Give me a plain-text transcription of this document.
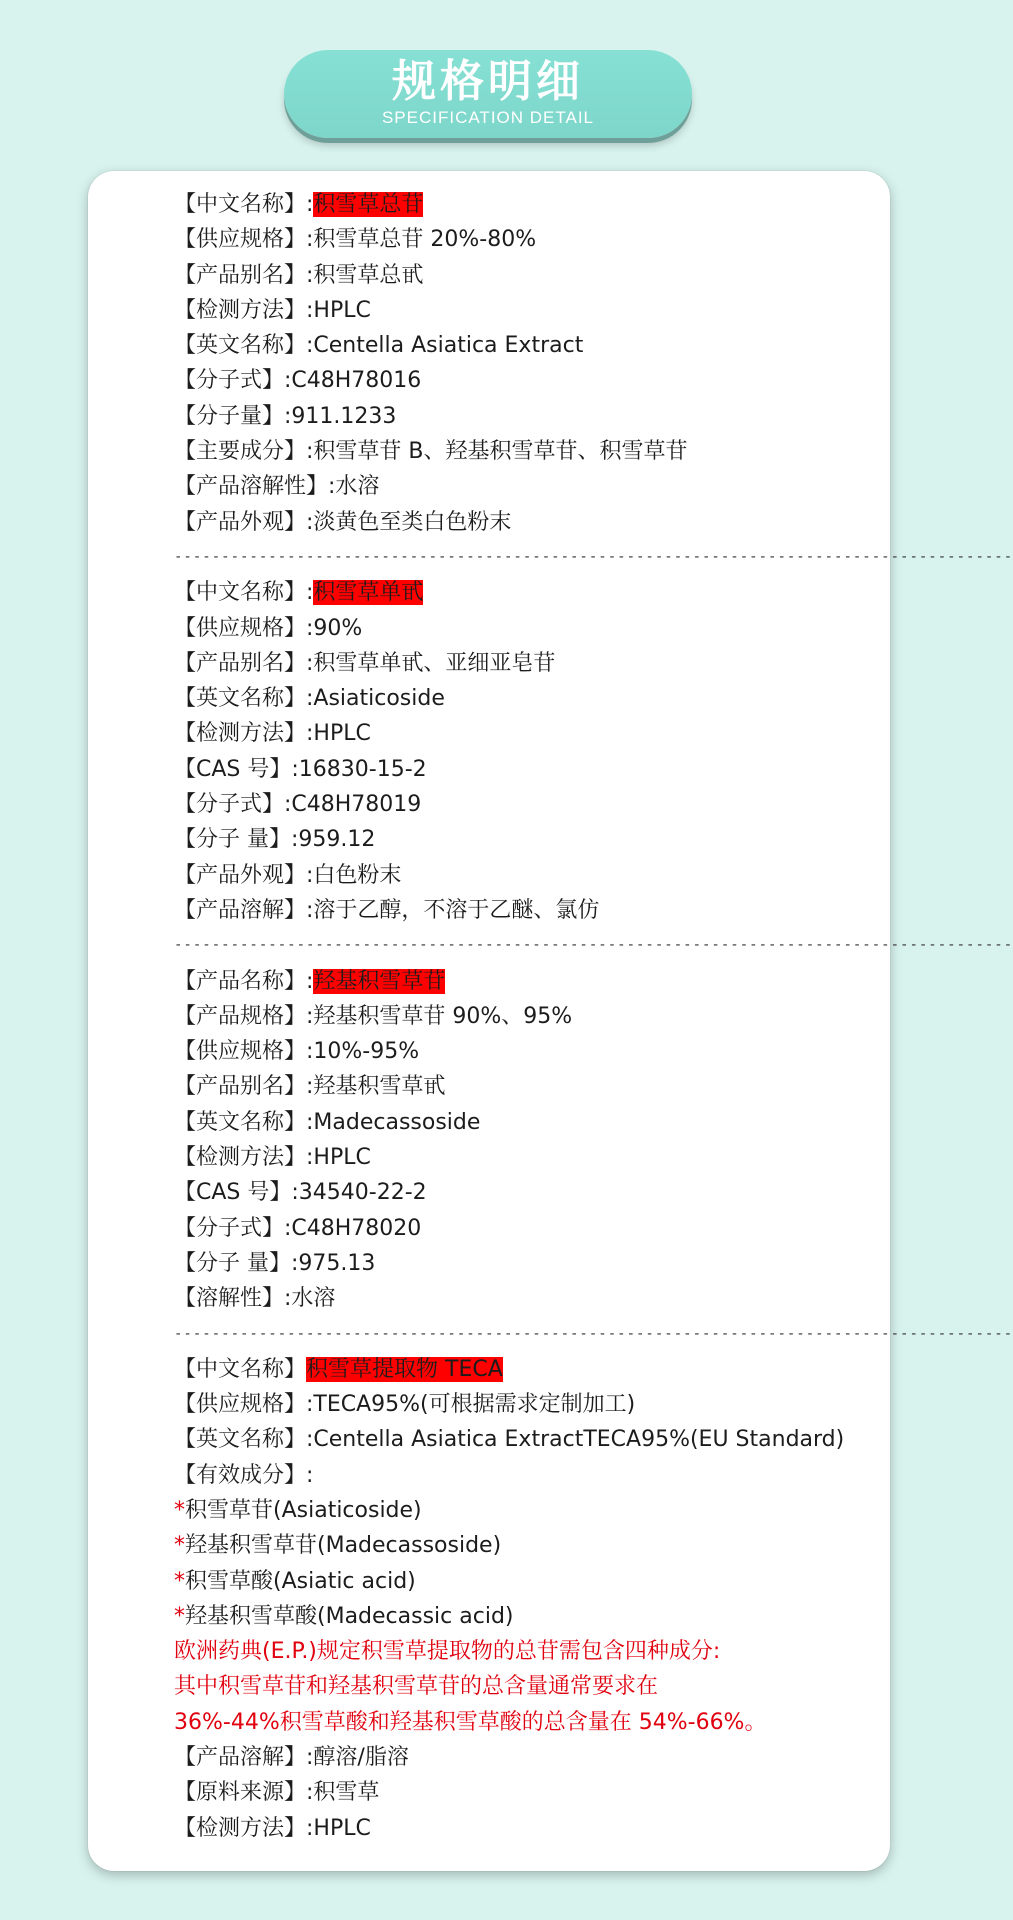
规格明细
SPECIFICATION DETAIL
【中文名称】:积雪草总苷
【供应规格】:积雪草总苷 20%-80%
【产品别名】:积雪草总甙
【检测方法】:HPLC
【英文名称】:Centella Asiatica Extract
【分子式】:C48H78016
【分子量】:911.1233
【主要成分】:积雪草苷 B、羟基积雪草苷、积雪草苷
【产品溶解性】:水溶
【产品外观】:淡黄色至类白色粉末
-----------------------------------------------------------------------------------------
【中文名称】:积雪草单甙
【供应规格】:90%
【产品别名】:积雪草单甙、亚细亚皂苷
【英文名称】:Asiaticoside
【检测方法】:HPLC
【CAS 号】:16830-15-2
【分子式】:C48H78019
【分子 量】:959.12
【产品外观】:白色粉末
【产品溶解】:溶于乙醇，不溶于乙醚、氯仿
-----------------------------------------------------------------------------------------
【产品名称】:羟基积雪草苷
【产品规格】:羟基积雪草苷 90%、95%
【供应规格】:10%-95%
【产品别名】:羟基积雪草甙
【英文名称】:Madecassoside
【检测方法】:HPLC
【CAS 号】:34540-22-2
【分子式】:C48H78020
【分子 量】:975.13
【溶解性】:水溶
-----------------------------------------------------------------------------------------
【中文名称】积雪草提取物 TECA
【供应规格】:TECA95%(可根据需求定制加工)
【英文名称】:Centella Asiatica ExtractTECA95%(EU Standard)
【有效成分】:
*积雪草苷(Asiaticoside)
*羟基积雪草苷(Madecassoside)
*积雪草酸(Asiatic acid)
*羟基积雪草酸(Madecassic acid)
欧洲药典(E.P.)规定积雪草提取物的总苷需包含四种成分:
其中积雪草苷和羟基积雪草苷的总含量通常要求在
36%-44%积雪草酸和羟基积雪草酸的总含量在 54%-66%。
【产品溶解】:醇溶/脂溶
【原料来源】:积雪草
【检测方法】:HPLC
